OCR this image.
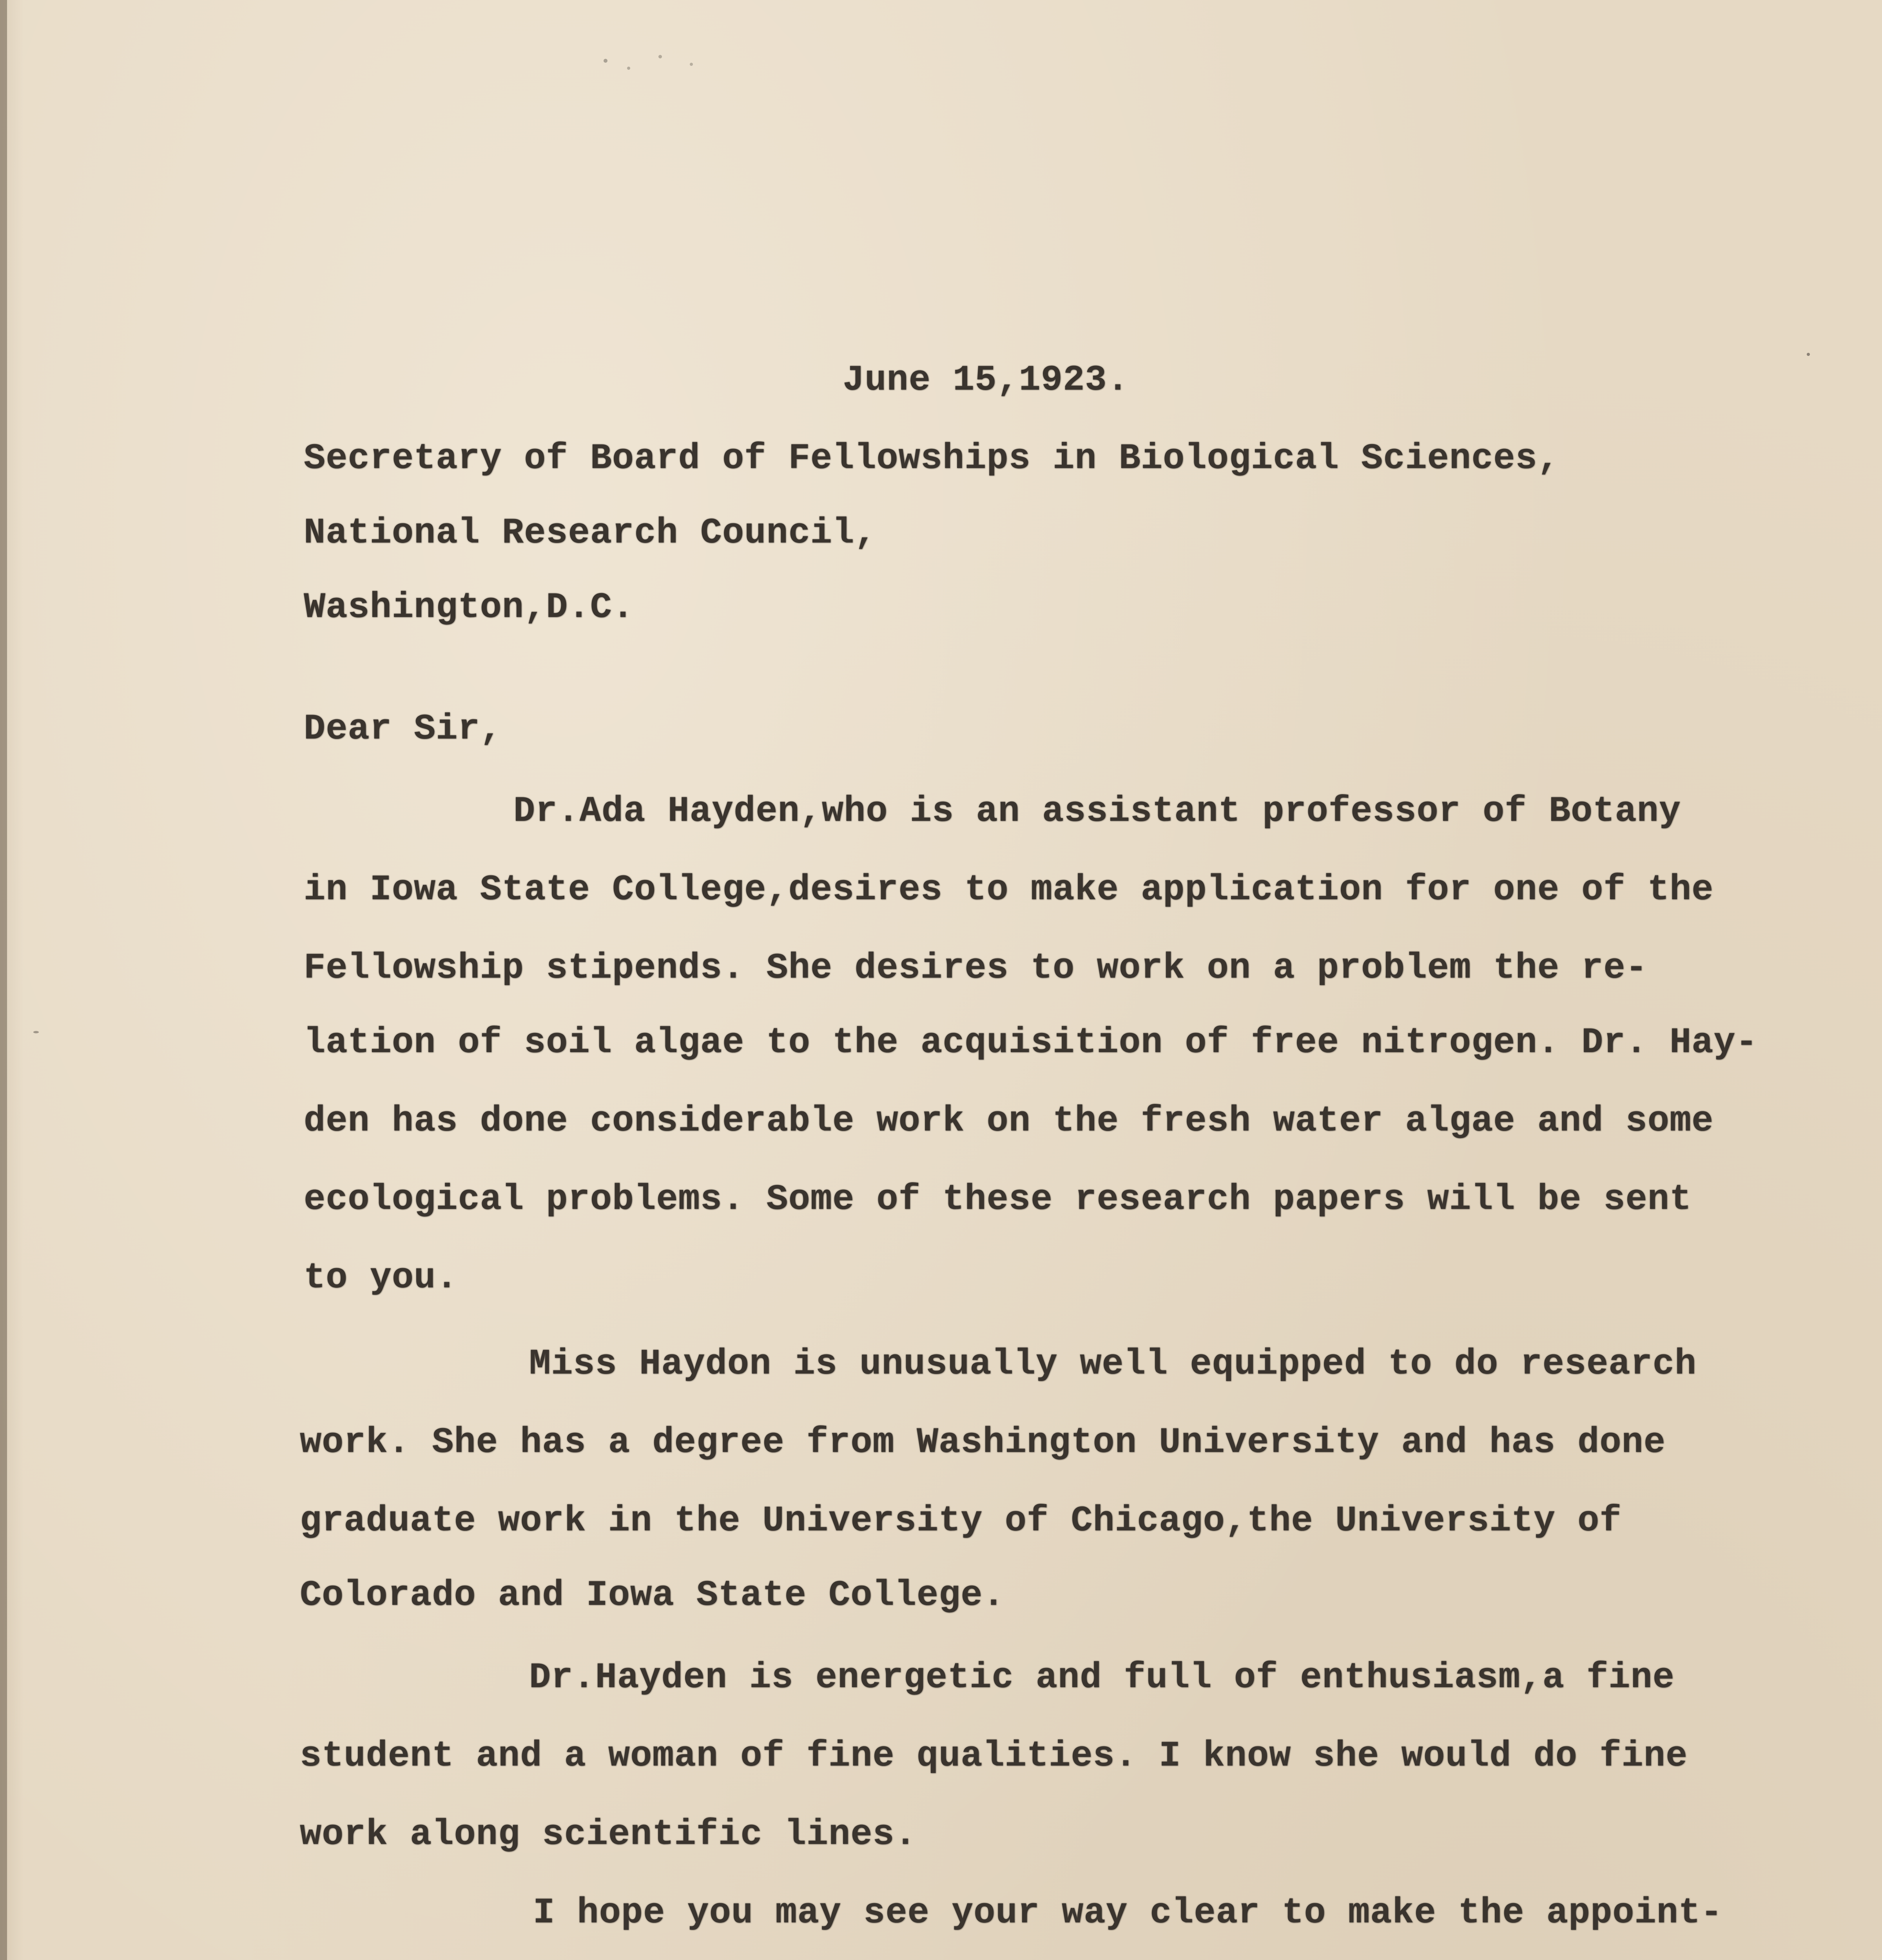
June 15,1923.
Secretary of Board of Fellowships in Biological Sciences,
National Research Council,
Washington,D.C.
Dear Sir,
Dr.Ada Hayden,who is an assistant professor of Botany
in Iowa State College,desires to make application for one of the
Fellowship stipends. She desires to work on a problem the re-
lation of soil algae to the acquisition of free nitrogen. Dr. Hay-
den has done considerable work on the fresh water algae and some
ecological problems. Some of these research papers will be sent
to you.
Miss Haydon is unusually well equipped to do research
work. She has a degree from Washington University and has done
graduate work in the University of Chicago,the University of
Colorado and Iowa State College.
Dr.Hayden is energetic and full of enthusiasm,a fine
student and a woman of fine qualities. I know she would do fine
work along scientific lines.
I hope you may see your way clear to make the appoint-
